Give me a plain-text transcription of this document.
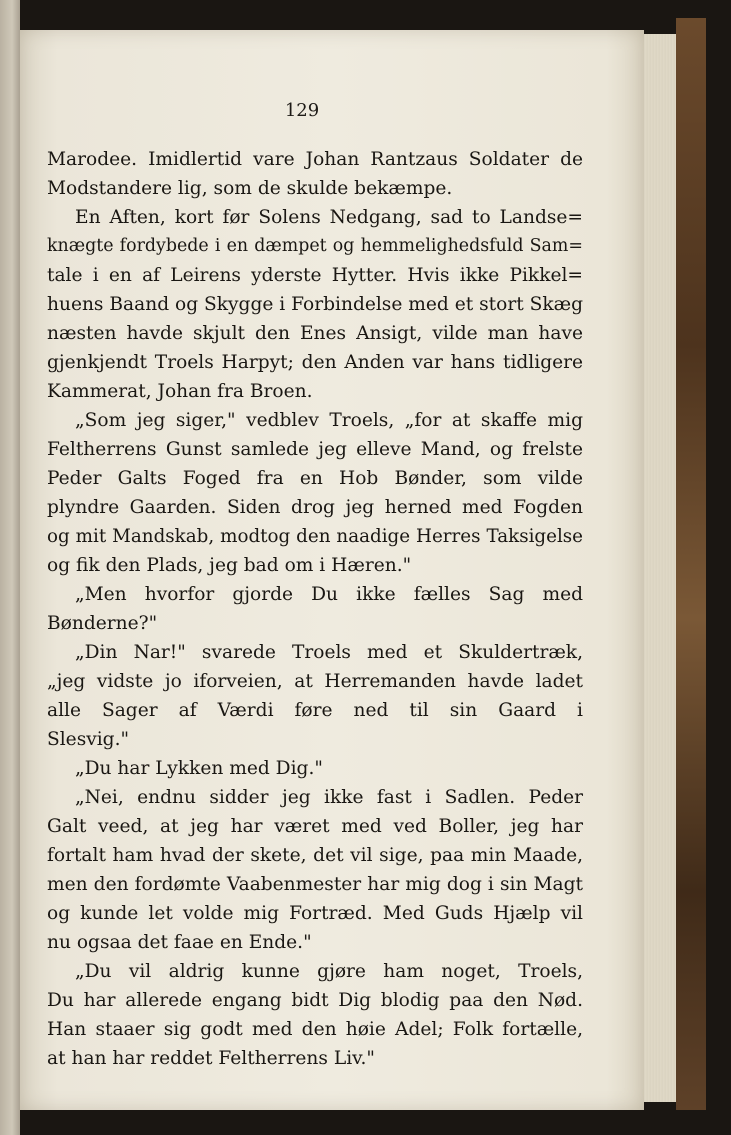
129
Marodee. Imidlertid vare Johan Rantzaus Soldater de
Modstandere lig, som de skulde bekæmpe.
En Aften, kort før Solens Nedgang, sad to Landse=
knægte fordybede i en dæmpet og hemmelighedsfuld Sam=
tale i en af Leirens yderste Hytter. Hvis ikke Pikkel=
huens Baand og Skygge i Forbindelse med et stort Skæg
næsten havde skjult den Enes Ansigt, vilde man have
gjenkjendt Troels Harpyt; den Anden var hans tidligere
Kammerat, Johan fra Broen.
„Som jeg siger," vedblev Troels, „for at skaffe mig
Feltherrens Gunst samlede jeg elleve Mand, og frelste
Peder Galts Foged fra en Hob Bønder, som vilde
plyndre Gaarden. Siden drog jeg herned med Fogden
og mit Mandskab, modtog den naadige Herres Taksigelse
og fik den Plads, jeg bad om i Hæren."
„Men hvorfor gjorde Du ikke fælles Sag med
Bønderne?"
„Din Nar!" svarede Troels med et Skuldertræk,
„jeg vidste jo iforveien, at Herremanden havde ladet
alle Sager af Værdi føre ned til sin Gaard i
Slesvig."
„Du har Lykken med Dig."
„Nei, endnu sidder jeg ikke fast i Sadlen. Peder
Galt veed, at jeg har været med ved Boller, jeg har
fortalt ham hvad der skete, det vil sige, paa min Maade,
men den fordømte Vaabenmester har mig dog i sin Magt
og kunde let volde mig Fortræd. Med Guds Hjælp vil
nu ogsaa det faae en Ende."
„Du vil aldrig kunne gjøre ham noget, Troels,
Du har allerede engang bidt Dig blodig paa den Nød.
Han staaer sig godt med den høie Adel; Folk fortælle,
at han har reddet Feltherrens Liv."
